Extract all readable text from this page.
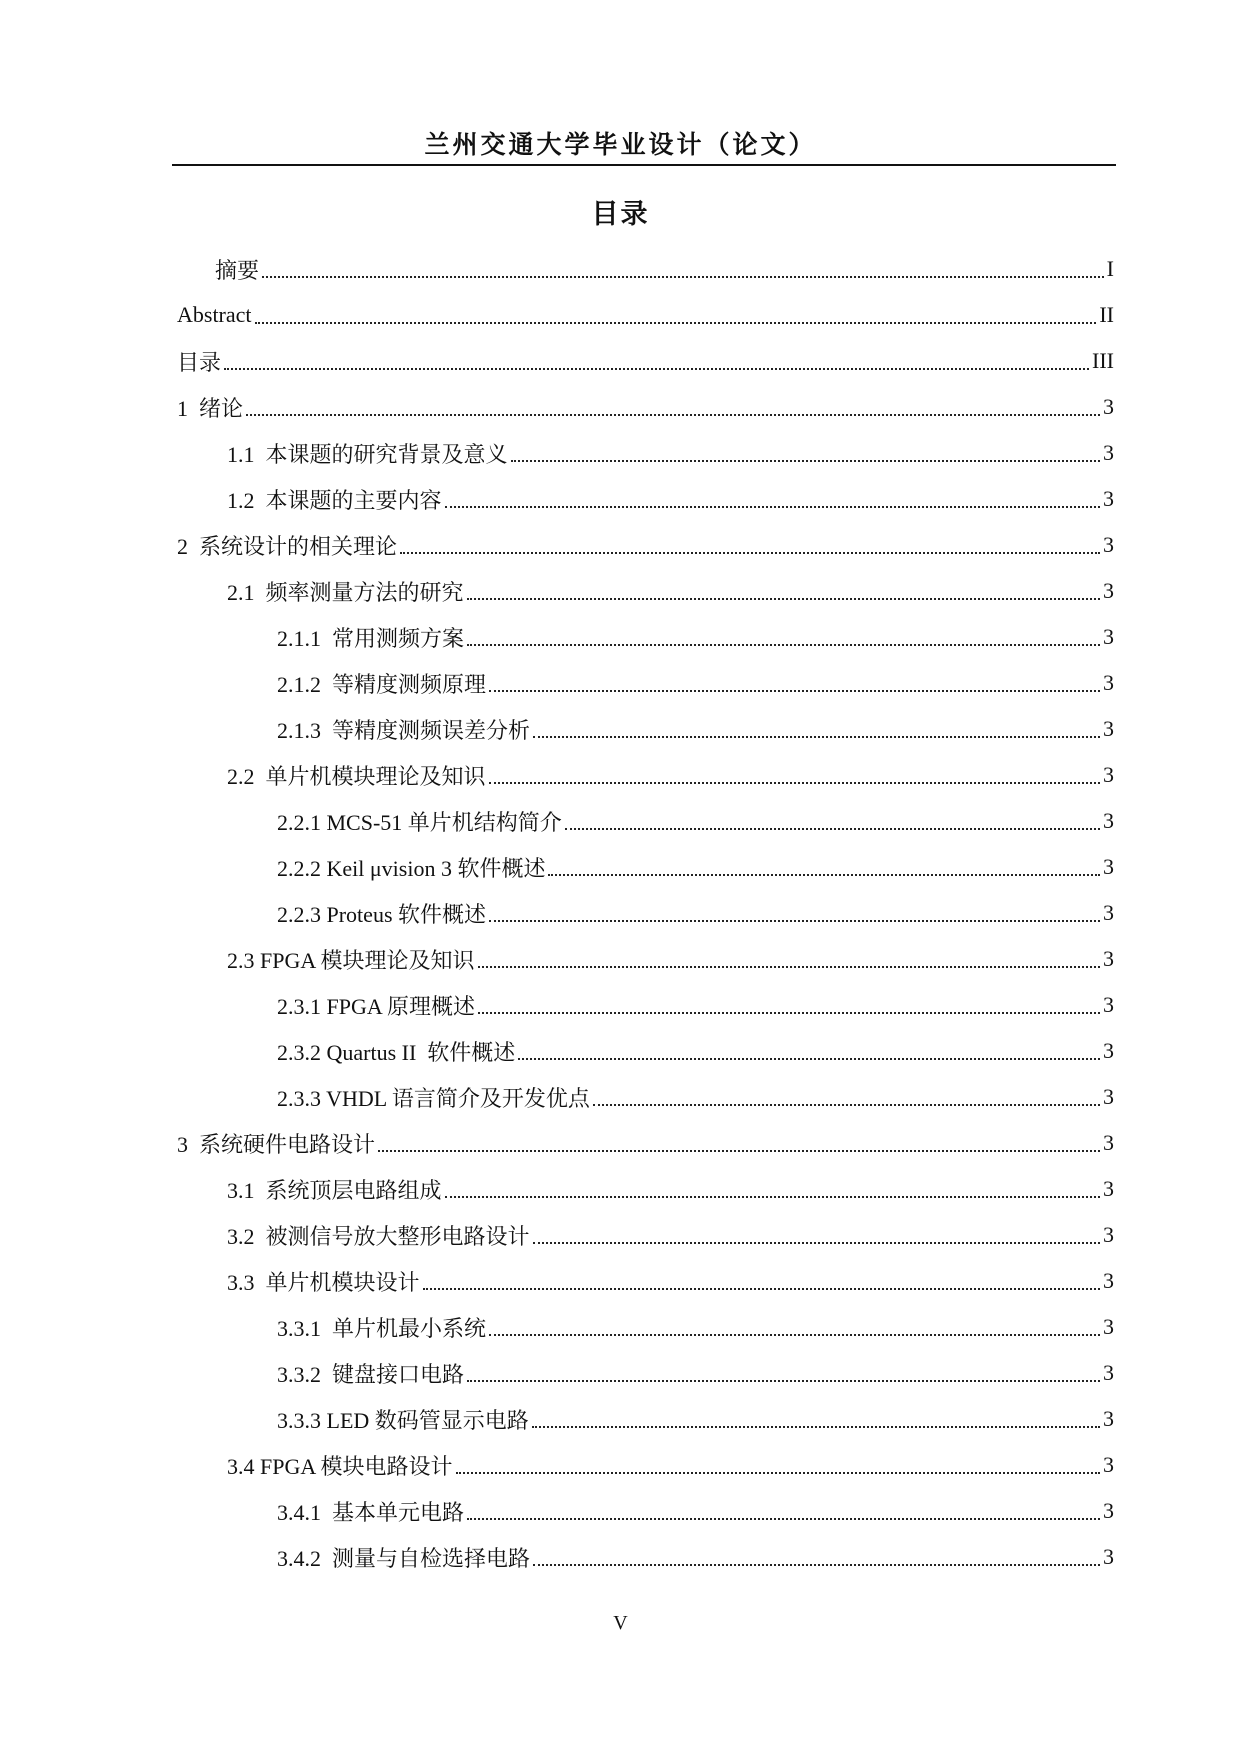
兰州交通大学毕业设计（论文）
目录
摘要	I
Abstract	II
目录	III
1  绪论	3
1.1  本课题的研究背景及意义	3
1.2  本课题的主要内容	3
2  系统设计的相关理论	3
2.1  频率测量方法的研究	3
2.1.1  常用测频方案	3
2.1.2  等精度测频原理	3
2.1.3  等精度测频误差分析	3
2.2  单片机模块理论及知识	3
2.2.1 MCS-51 单片机结构简介	3
2.2.2 Keil μvision 3 软件概述	3
2.2.3 Proteus 软件概述	3
2.3 FPGA 模块理论及知识	3
2.3.1 FPGA 原理概述	3
2.3.2 Quartus II  软件概述	3
2.3.3 VHDL 语言简介及开发优点	3
3  系统硬件电路设计	3
3.1  系统顶层电路组成	3
3.2  被测信号放大整形电路设计	3
3.3  单片机模块设计	3
3.3.1  单片机最小系统	3
3.3.2  键盘接口电路	3
3.3.3 LED 数码管显示电路	3
3.4 FPGA 模块电路设计	3
3.4.1  基本单元电路	3
3.4.2  测量与自检选择电路	3
V
